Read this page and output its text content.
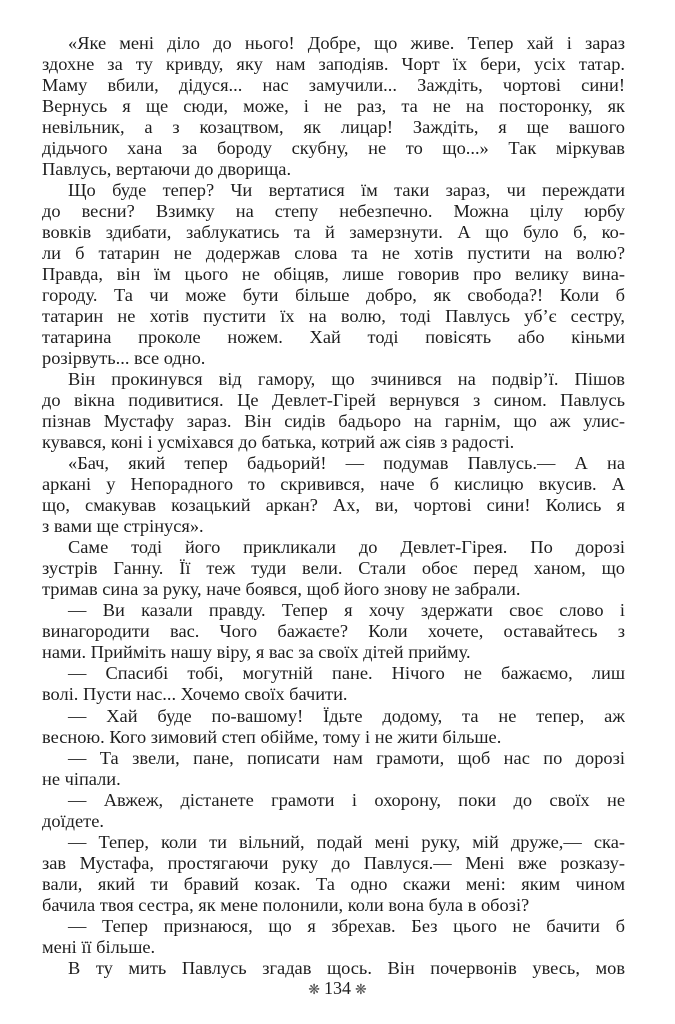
«Яке мені діло до нього! Добре, що живе. Тепер хай і зараз
здохне за ту кривду, яку нам заподіяв. Чорт їх бери, усіх татар.
Маму вбили, дідуся... нас замучили... Заждіть, чортові сини!
Вернусь я ще сюди, може, і не раз, та не на посторонку, як
невільник, а з козацтвом, як лицар! Заждіть, я ще вашого
дідьчого хана за бороду скубну, не то що...» Так міркував
Павлусь, вертаючи до дворища.
Що буде тепер? Чи вертатися їм таки зараз, чи переждати
до весни? Взимку на степу небезпечно. Можна цілу юрбу
вовків здибати, заблукатись та й замерзнути. А що було б, ко-
ли б татарин не додержав слова та не хотів пустити на волю?
Правда, він їм цього не обіцяв, лише говорив про велику вина-
городу. Та чи може бути більше добро, як свобода?! Коли б
татарин не хотів пустити їх на волю, тоді Павлусь уб’є сестру,
татарина проколе ножем. Хай тоді повісять або кіньми
розірвуть... все одно.
Він прокинувся від гамору, що зчинився на подвір’ї. Пішов
до вікна подивитися. Це Девлет-Гірей вернувся з сином. Павлусь
пізнав Мустафу зараз. Він сидів бадьоро на гарнім, що аж улис-
кувався, коні і усміхався до батька, котрий аж сіяв з радості.
«Бач, який тепер бадьорий! — подумав Павлусь.— А на
аркані у Непорадного то скривився, наче б кислицю вкусив. А
що, смакував козацький аркан? Ах, ви, чортові сини! Колись я
з вами ще стрінуся».
Саме тоді його прикликали до Девлет-Гірея. По дорозі
зустрів Ганну. Її теж туди вели. Стали обоє перед ханом, що
тримав сина за руку, наче боявся, щоб його знову не забрали.
— Ви казали правду. Тепер я хочу здержати своє слово і
винагородити вас. Чого бажаєте? Коли хочете, оставайтесь з
нами. Прийміть нашу віру, я вас за своїх дітей прийму.
— Спасибі тобі, могутній пане. Нічого не бажаємо, лиш
волі. Пусти нас... Хочемо своїх бачити.
— Хай буде по-вашому! Їдьте додому, та не тепер, аж
весною. Кого зимовий степ обійме, тому і не жити більше.
— Та звели, пане, пописати нам грамоти, щоб нас по дорозі
не чіпали.
— Авжеж, дістанете грамоти і охорону, поки до своїх не
доїдете.
— Тепер, коли ти вільний, подай мені руку, мій друже,— ска-
зав Мустафа, простягаючи руку до Павлуся.— Мені вже розказу-
вали, який ти бравий козак. Та одно скажи мені: яким чином
бачила твоя сестра, як мене полонили, коли вона була в обозі?
— Тепер признаюся, що я збрехав. Без цього не бачити б
мені її більше.
В ту мить Павлусь згадав щось. Він почервонів увесь, мов
❋ 134 ❋
